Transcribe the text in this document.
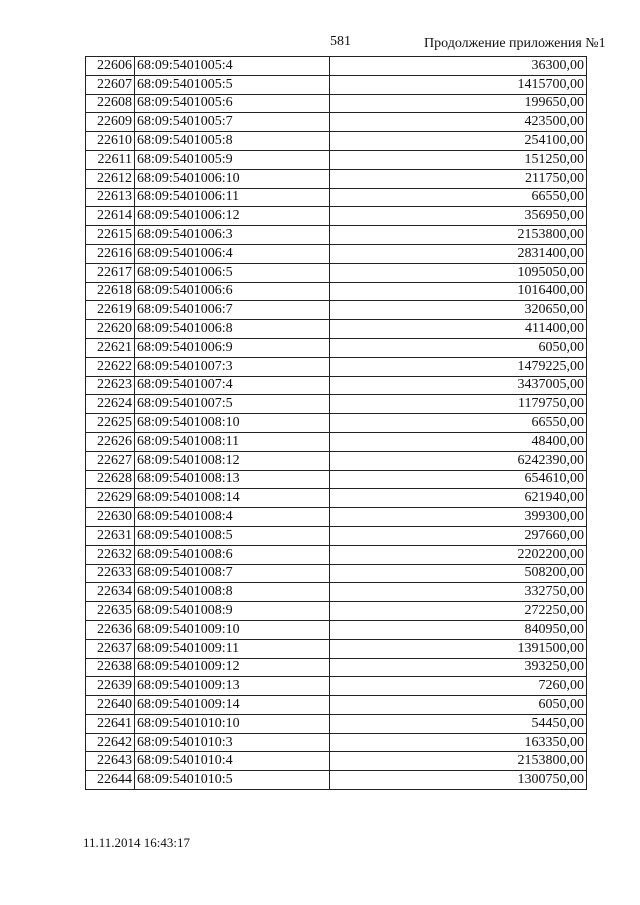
581	Продолжение приложения №1
22606	68:09:5401005:4	36300,00
22607	68:09:5401005:5	1415700,00
22608	68:09:5401005:6	199650,00
22609	68:09:5401005:7	423500,00
22610	68:09:5401005:8	254100,00
22611	68:09:5401005:9	151250,00
22612	68:09:5401006:10	211750,00
22613	68:09:5401006:11	66550,00
22614	68:09:5401006:12	356950,00
22615	68:09:5401006:3	2153800,00
22616	68:09:5401006:4	2831400,00
22617	68:09:5401006:5	1095050,00
22618	68:09:5401006:6	1016400,00
22619	68:09:5401006:7	320650,00
22620	68:09:5401006:8	411400,00
22621	68:09:5401006:9	6050,00
22622	68:09:5401007:3	1479225,00
22623	68:09:5401007:4	3437005,00
22624	68:09:5401007:5	1179750,00
22625	68:09:5401008:10	66550,00
22626	68:09:5401008:11	48400,00
22627	68:09:5401008:12	6242390,00
22628	68:09:5401008:13	654610,00
22629	68:09:5401008:14	621940,00
22630	68:09:5401008:4	399300,00
22631	68:09:5401008:5	297660,00
22632	68:09:5401008:6	2202200,00
22633	68:09:5401008:7	508200,00
22634	68:09:5401008:8	332750,00
22635	68:09:5401008:9	272250,00
22636	68:09:5401009:10	840950,00
22637	68:09:5401009:11	1391500,00
22638	68:09:5401009:12	393250,00
22639	68:09:5401009:13	7260,00
22640	68:09:5401009:14	6050,00
22641	68:09:5401010:10	54450,00
22642	68:09:5401010:3	163350,00
22643	68:09:5401010:4	2153800,00
22644	68:09:5401010:5	1300750,00
11.11.2014 16:43:17
